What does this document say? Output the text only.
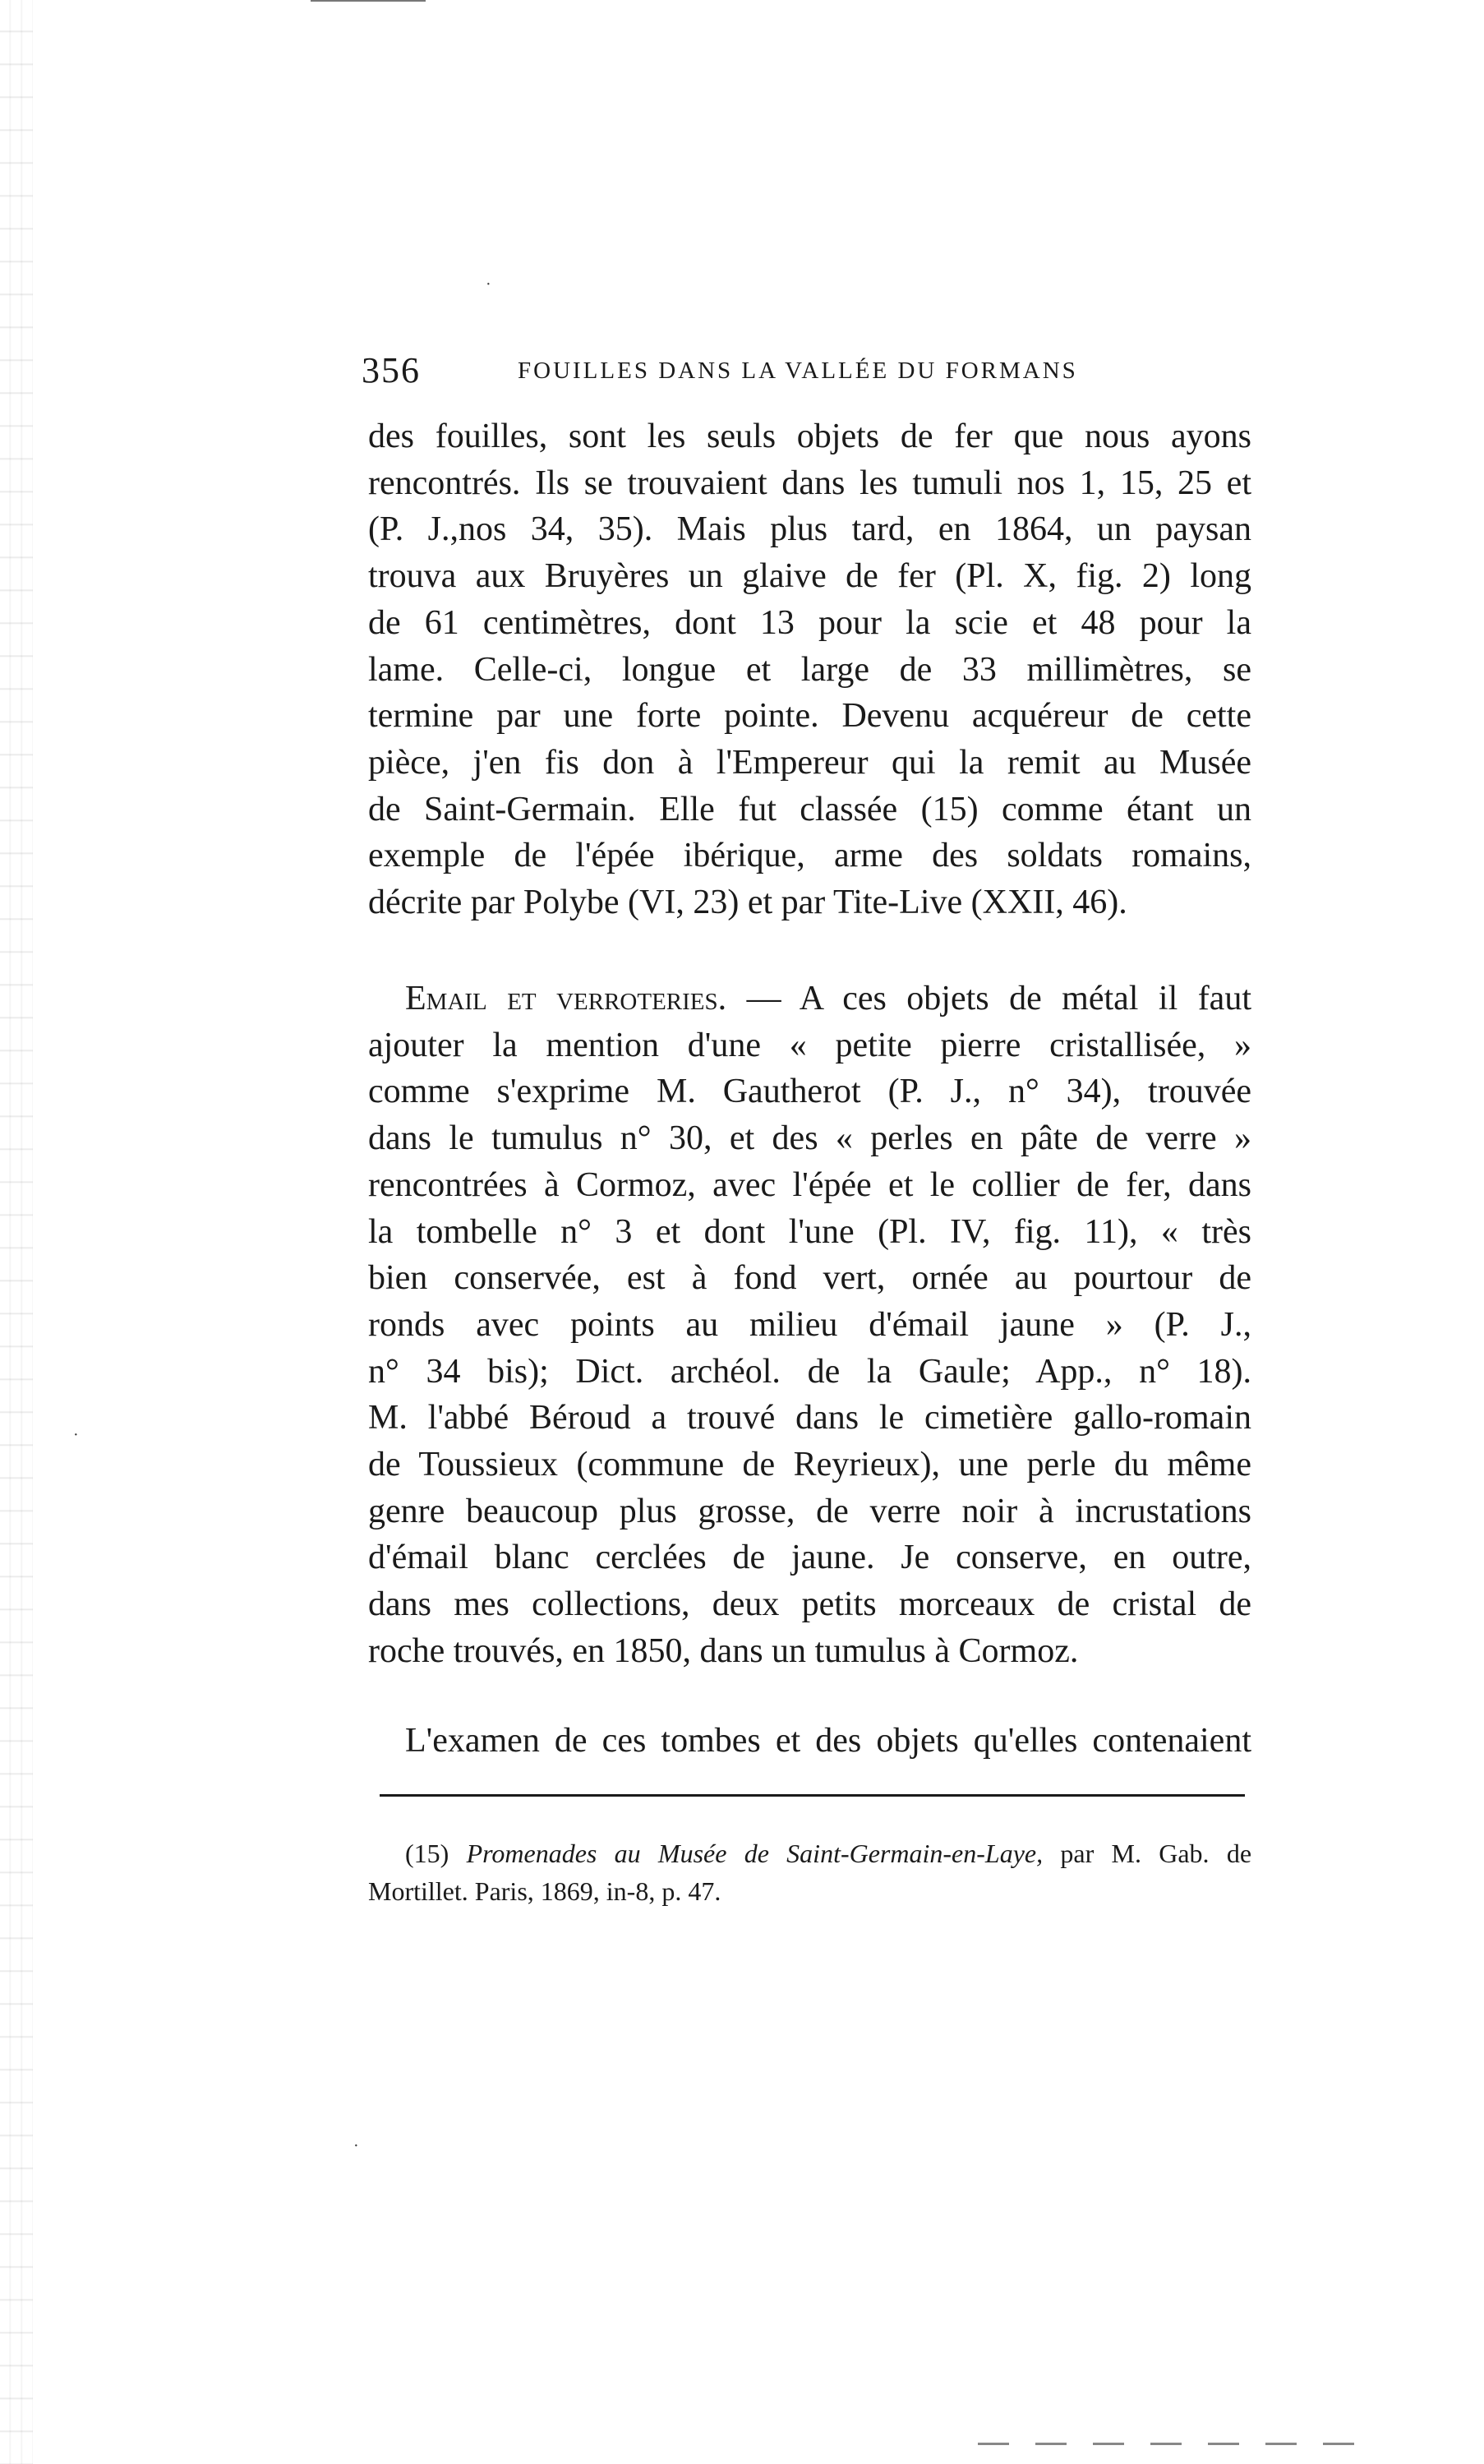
356	FOUILLES DANS LA VALLÉE DU FORMANS
des fouilles, sont les seuls objets de fer que nous ayons
rencontrés. Ils se trouvaient dans les tumuli nos 1, 15, 25 et
(P. J.,nos 34, 35). Mais plus tard, en 1864, un paysan
trouva aux Bruyères un glaive de fer (Pl. X, fig. 2) long
de 61 centimètres, dont 13 pour la scie et 48 pour la
lame. Celle-ci, longue et large de 33 millimètres, se
termine par une forte pointe. Devenu acquéreur de cette
pièce, j'en fis don à l'Empereur qui la remit au Musée
de Saint-Germain. Elle fut classée (15) comme étant un
exemple de l'épée ibérique, arme des soldats romains,
décrite par Polybe (VI, 23) et par Tite-Live (XXII, 46).
Email et verroteries. — A ces objets de métal il faut
ajouter la mention d'une « petite pierre cristallisée, »
comme s'exprime M. Gautherot (P. J., n° 34), trouvée
dans le tumulus n° 30, et des « perles en pâte de verre »
rencontrées à Cormoz, avec l'épée et le collier de fer, dans
la tombelle n° 3 et dont l'une (Pl. IV, fig. 11), « très
bien conservée, est à fond vert, ornée au pourtour de
ronds avec points au milieu d'émail jaune » (P. J.,
n° 34 bis); Dict. archéol. de la Gaule; App., n° 18).
M. l'abbé Béroud a trouvé dans le cimetière gallo-romain
de Toussieux (commune de Reyrieux), une perle du même
genre beaucoup plus grosse, de verre noir à incrustations
d'émail blanc cerclées de jaune. Je conserve, en outre,
dans mes collections, deux petits morceaux de cristal de
roche trouvés, en 1850, dans un tumulus à Cormoz.
L'examen de ces tombes et des objets qu'elles contenaient
(15) Promenades au Musée de Saint-Germain-en-Laye, par M. Gab. de
Mortillet. Paris, 1869, in-8, p. 47.
·
·
·
